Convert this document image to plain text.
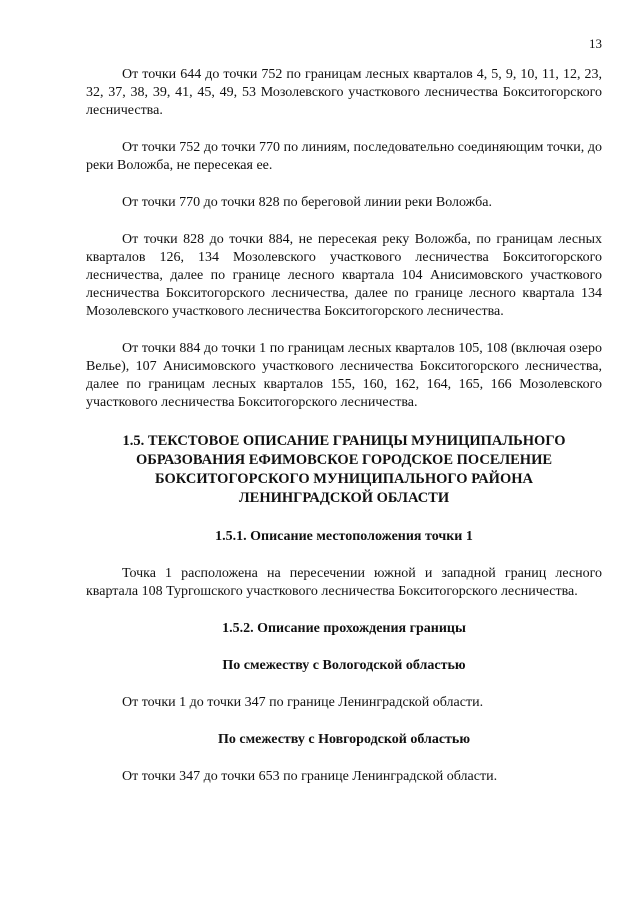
13

От точки 644 до точки 752 по границам лесных кварталов 4, 5, 9, 10, 11, 12, 23, 32, 37, 38, 39, 41, 45, 49, 53 Мозолевского участкового лесничества Бокситогорского лесничества.

От точки 752 до точки 770 по линиям, последовательно соединяющим точки, до реки Воложба, не пересекая ее.

От точки 770 до точки 828 по береговой линии реки Воложба.

От точки 828 до точки 884, не пересекая реку Воложба, по границам лесных кварталов 126, 134 Мозолевского участкового лесничества Бокситогорского лесничества, далее по границе лесного квартала 104 Анисимовского участкового лесничества Бокситогорского лесничества, далее по границе лесного квартала 134 Мозолевского участкового лесничества Бокситогорского лесничества.

От точки 884 до точки 1 по границам лесных кварталов 105, 108 (включая озеро Велье), 107 Анисимовского участкового лесничества Бокситогорского лесничества, далее по границам лесных кварталов 155, 160, 162, 164, 165, 166 Мозолевского участкового лесничества Бокситогорского лесничества.

1.5. ТЕКСТОВОЕ ОПИСАНИЕ ГРАНИЦЫ МУНИЦИПАЛЬНОГО ОБРАЗОВАНИЯ ЕФИМОВСКОЕ ГОРОДСКОЕ ПОСЕЛЕНИЕ БОКСИТОГОРСКОГО МУНИЦИПАЛЬНОГО РАЙОНА ЛЕНИНГРАДСКОЙ ОБЛАСТИ
1.5.1. Описание местоположения точки 1

Точка 1 расположена на пересечении южной и западной границ лесного квартала 108 Тургошского участкового лесничества Бокситогорского лесничества.

1.5.2. Описание прохождения границы
По смежеству с Вологодской областью

От точки 1 до точки 347 по границе Ленинградской области.

По смежеству с Новгородской областью

От точки 347 до точки 653 по границе Ленинградской области.
